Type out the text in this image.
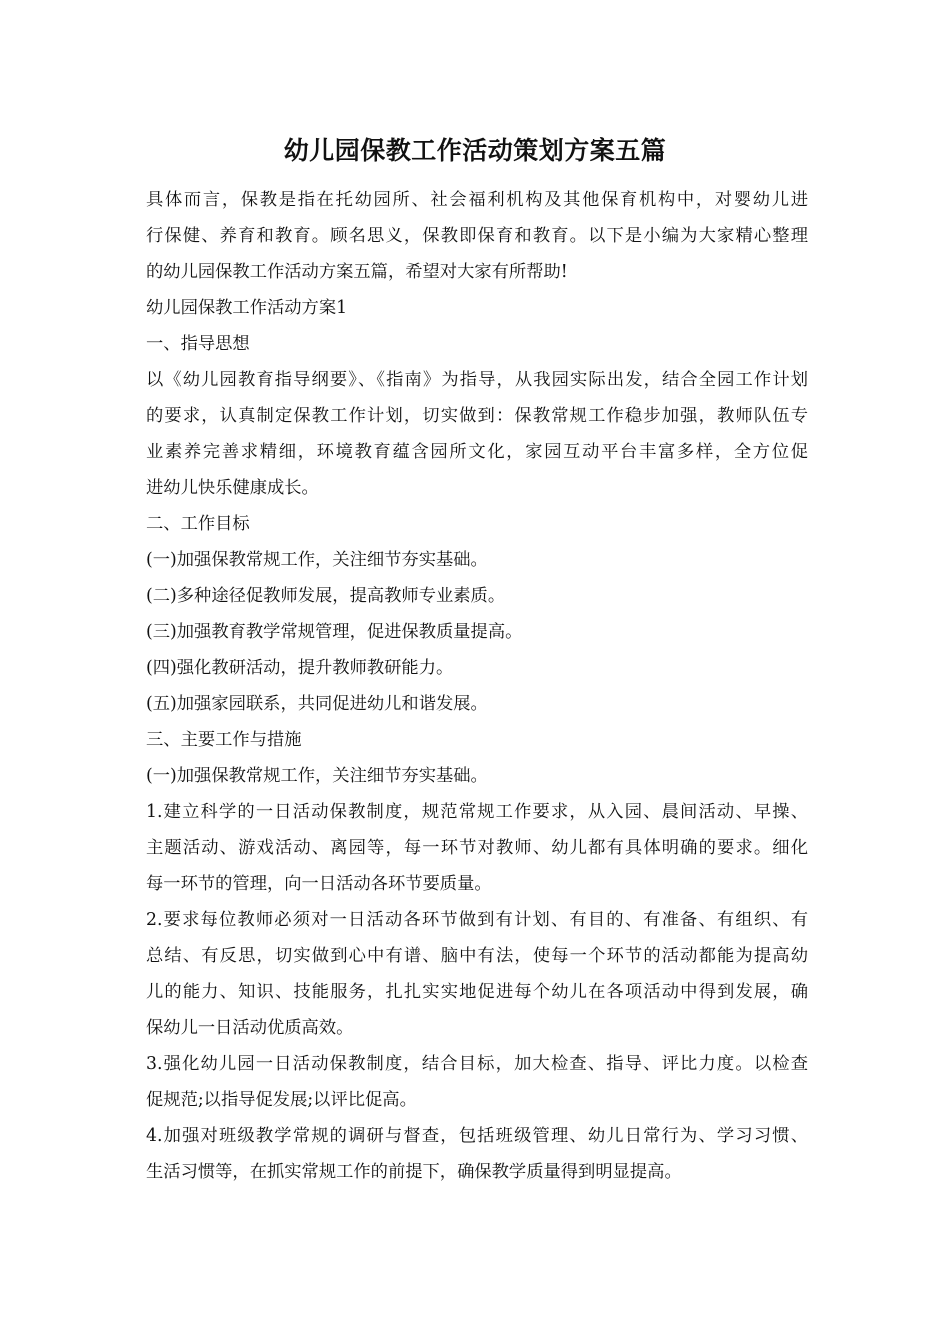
幼儿园保教工作活动策划方案五篇
具体而言，保教是指在托幼园所、社会福利机构及其他保育机构中，对婴幼儿进
行保健、养育和教育。顾名思义，保教即保育和教育。以下是小编为大家精心整理
的幼儿园保教工作活动方案五篇，希望对大家有所帮助!
幼儿园保教工作活动方案1
一、指导思想
以《幼儿园教育指导纲要》、《指南》为指导，从我园实际出发，结合全园工作计划
的要求，认真制定保教工作计划，切实做到：保教常规工作稳步加强，教师队伍专
业素养完善求精细，环境教育蕴含园所文化，家园互动平台丰富多样，全方位促
进幼儿快乐健康成长。
二、工作目标
(一)加强保教常规工作，关注细节夯实基础。
(二)多种途径促教师发展，提高教师专业素质。
(三)加强教育教学常规管理，促进保教质量提高。
(四)强化教研活动，提升教师教研能力。
(五)加强家园联系，共同促进幼儿和谐发展。
三、主要工作与措施
(一)加强保教常规工作，关注细节夯实基础。
1.建立科学的一日活动保教制度，规范常规工作要求，从入园、晨间活动、早操、
主题活动、游戏活动、离园等，每一环节对教师、幼儿都有具体明确的要求。细化
每一环节的管理，向一日活动各环节要质量。
2.要求每位教师必须对一日活动各环节做到有计划、有目的、有准备、有组织、有
总结、有反思，切实做到心中有谱、脑中有法，使每一个环节的活动都能为提高幼
儿的能力、知识、技能服务，扎扎实实地促进每个幼儿在各项活动中得到发展，确
保幼儿一日活动优质高效。
3.强化幼儿园一日活动保教制度，结合目标，加大检查、指导、评比力度。以检查
促规范;以指导促发展;以评比促高。
4.加强对班级教学常规的调研与督查，包括班级管理、幼儿日常行为、学习习惯、
生活习惯等，在抓实常规工作的前提下，确保教学质量得到明显提高。
